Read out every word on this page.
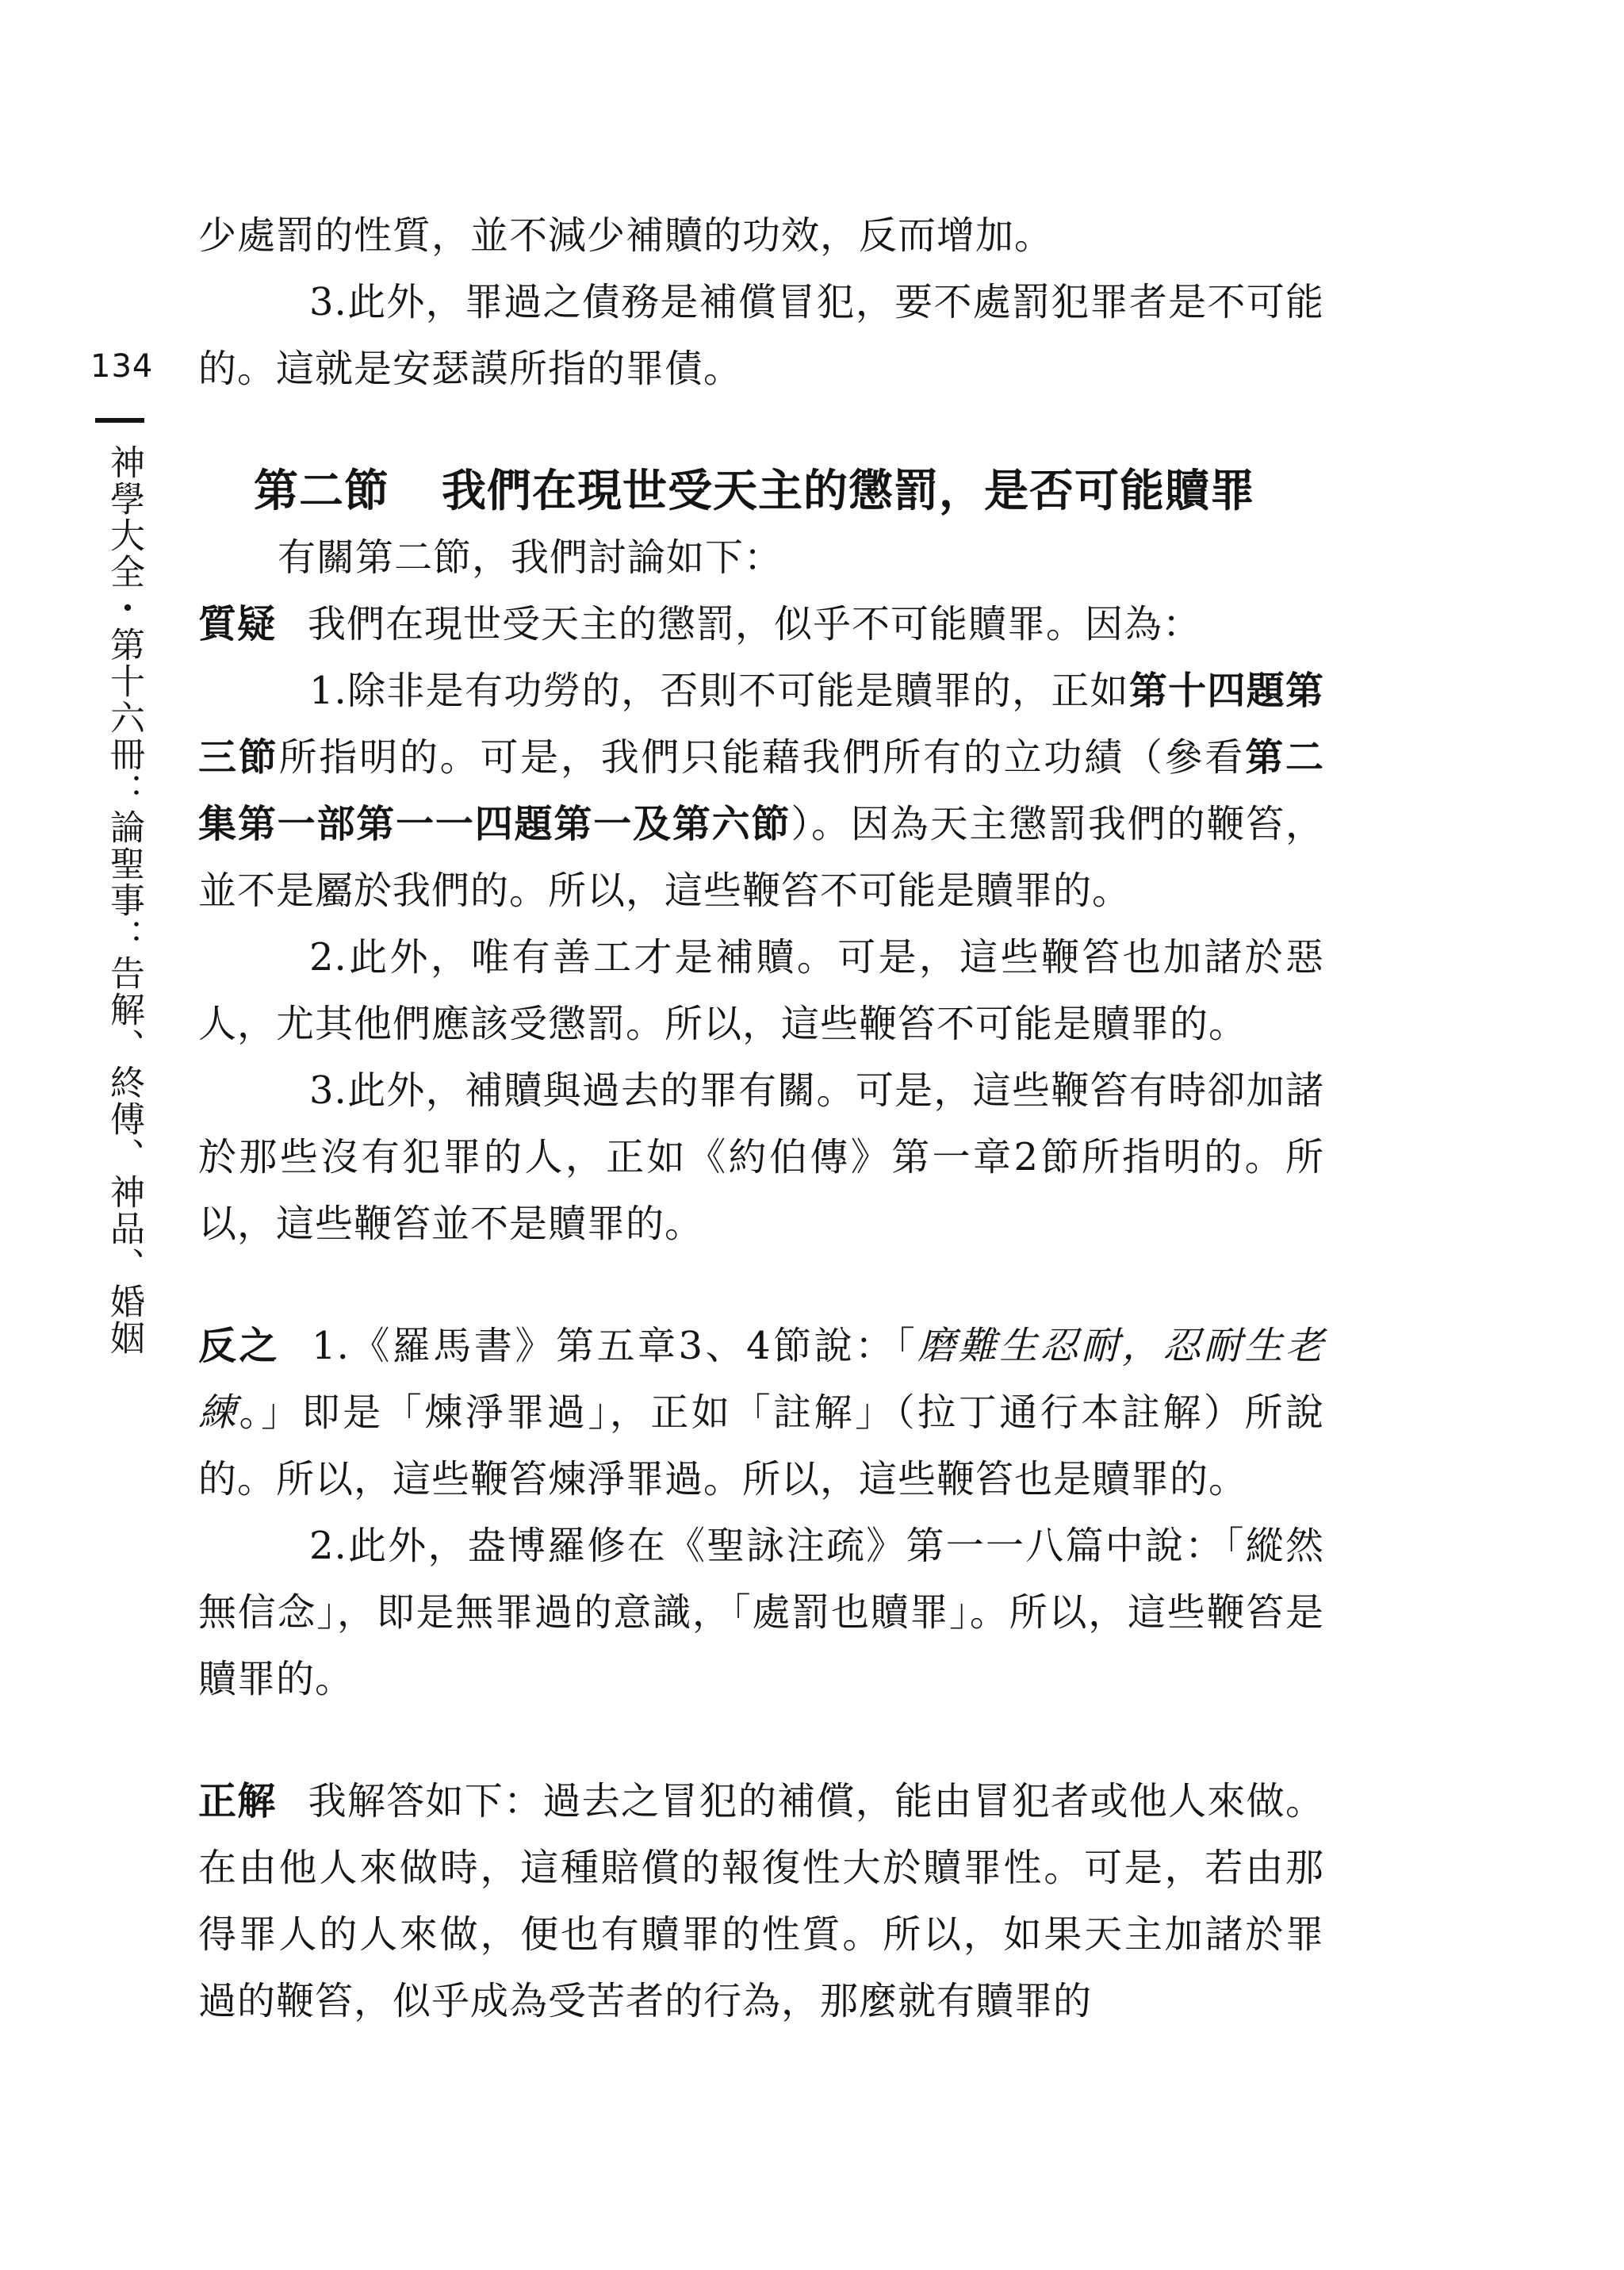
134
神學大全・第十六冊：論聖事：告解、終傅、神品、婚姻

少處罰的性質，並不減少補贖的功效，反而增加。

3.此外，罪過之債務是補償冒犯，要不處罰犯罪者是不可能的。這就是安瑟謨所指的罪債。

第二節 我們在現世受天主的懲罰，是否可能贖罪

有關第二節，我們討論如下：

質疑 我們在現世受天主的懲罰，似乎不可能贖罪。因為：

1.除非是有功勞的，否則不可能是贖罪的，正如第十四題第三節所指明的。可是，我們只能藉我們所有的立功績（參看第二集第一部第一一四題第一及第六節）。因為天主懲罰我們的鞭笞，並不是屬於我們的。所以，這些鞭笞不可能是贖罪的。

2.此外，唯有善工才是補贖。可是，這些鞭笞也加諸於惡人，尤其他們應該受懲罰。所以，這些鞭笞不可能是贖罪的。

3.此外，補贖與過去的罪有關。可是，這些鞭笞有時卻加諸於那些沒有犯罪的人，正如《約伯傳》第一章2節所指明的。所以，這些鞭笞並不是贖罪的。

反之 1.《羅馬書》第五章3、4節說：「磨難生忍耐，忍耐生老練。」即是「煉淨罪過」，正如「註解」（拉丁通行本註解）所說的。所以，這些鞭笞煉淨罪過。所以，這些鞭笞也是贖罪的。

2.此外，盎博羅修在《聖詠注疏》第一一八篇中說：「縱然無信念」，即是無罪過的意識，「處罰也贖罪」。所以，這些鞭笞是贖罪的。

正解 我解答如下：過去之冒犯的補償，能由冒犯者或他人來做。在由他人來做時，這種賠償的報復性大於贖罪性。可是，若由那得罪人的人來做，便也有贖罪的性質。所以，如果天主加諸於罪過的鞭笞，似乎成為受苦者的行為，那麼就有贖罪的
